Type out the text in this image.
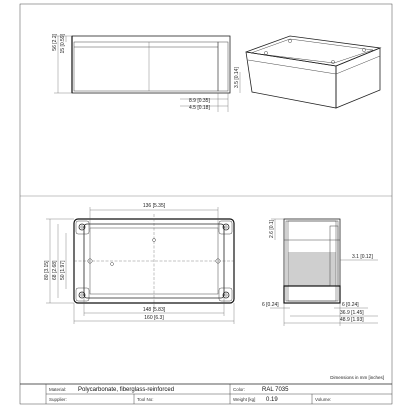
56 [2.2] 15 [0.59]
3.5 [0.14]
8.9 [0.35]
4.5 [0.18]
136 [5.35]
148 [5.83]
160 [6.3]
80 [3.15] 68 [2.68] 50 [1.97]
2.6 [0.1]
3.1 [0.12]
6 [0.24]	6 [0.24]
36.9 [1.45]
48.9 [1.93]
Dimensions in mm [inches]
Material: Polycarbonate, fiberglass-reinforced	Color:	RAL 7035
Supplier:	Tool No:	Weight [kg] 0.19	Volume:
